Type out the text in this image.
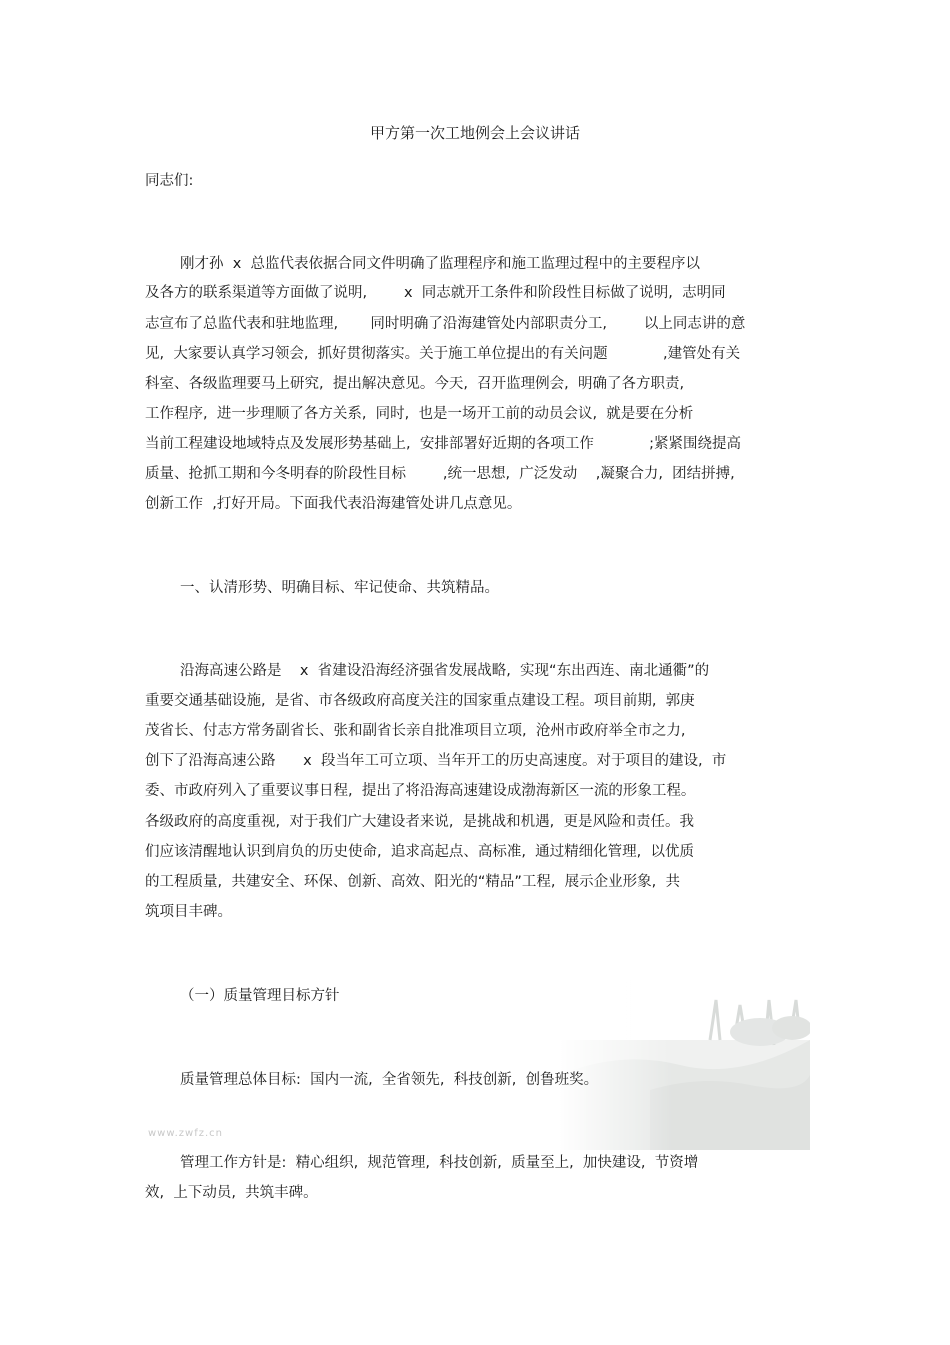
www.zwfz.cn
甲方第一次工地例会上会议讲话
同志们:
刚才孙  x  总监代表依据合同文件明确了监理程序和施工监理过程中的主要程序以
及各方的联系渠道等方面做了说明,        x  同志就开工条件和阶段性目标做了说明,  志明同
志宣布了总监代表和驻地监理,       同时明确了沿海建管处内部职责分工,        以上同志讲的意
见,  大家要认真学习领会,  抓好贯彻落实。关于施工单位提出的有关问题            ,建管处有关
科室、各级监理要马上研究,  提出解决意见。今天,  召开监理例会,  明确了各方职责,
工作程序,  进一步理顺了各方关系,  同时,  也是一场开工前的动员会议,  就是要在分析
当前工程建设地域特点及发展形势基础上,  安排部署好近期的各项工作            ;紧紧围绕提高
质量、抢抓工期和今冬明春的阶段性目标        ,统一思想,  广泛发动    ,凝聚合力,  团结拼搏,
创新工作  ,打好开局。下面我代表沿海建管处讲几点意见。
一、认清形势、明确目标、牢记使命、共筑精品。
沿海高速公路是    x  省建设沿海经济强省发展战略,  实现“东出西连、南北通衢”的
重要交通基础设施,  是省、市各级政府高度关注的国家重点建设工程。项目前期,  郭庚
茂省长、付志方常务副省长、张和副省长亲自批准项目立项,  沧州市政府举全市之力,
创下了沿海高速公路      x  段当年工可立项、当年开工的历史高速度。对于项目的建设,  市
委、市政府列入了重要议事日程,  提出了将沿海高速建设成渤海新区一流的形象工程。
各级政府的高度重视,  对于我们广大建设者来说,  是挑战和机遇,  更是风险和责任。我
们应该清醒地认识到肩负的历史使命,  追求高起点、高标准,  通过精细化管理,  以优质
的工程质量,  共建安全、环保、创新、高效、阳光的“精品”工程,  展示企业形象,  共
筑项目丰碑。
（一）质量管理目标方针
质量管理总体目标:  国内一流,  全省领先,  科技创新,  创鲁班奖。
管理工作方针是:  精心组织,  规范管理,  科技创新,  质量至上,  加快建设,  节资增
效,  上下动员,  共筑丰碑。
